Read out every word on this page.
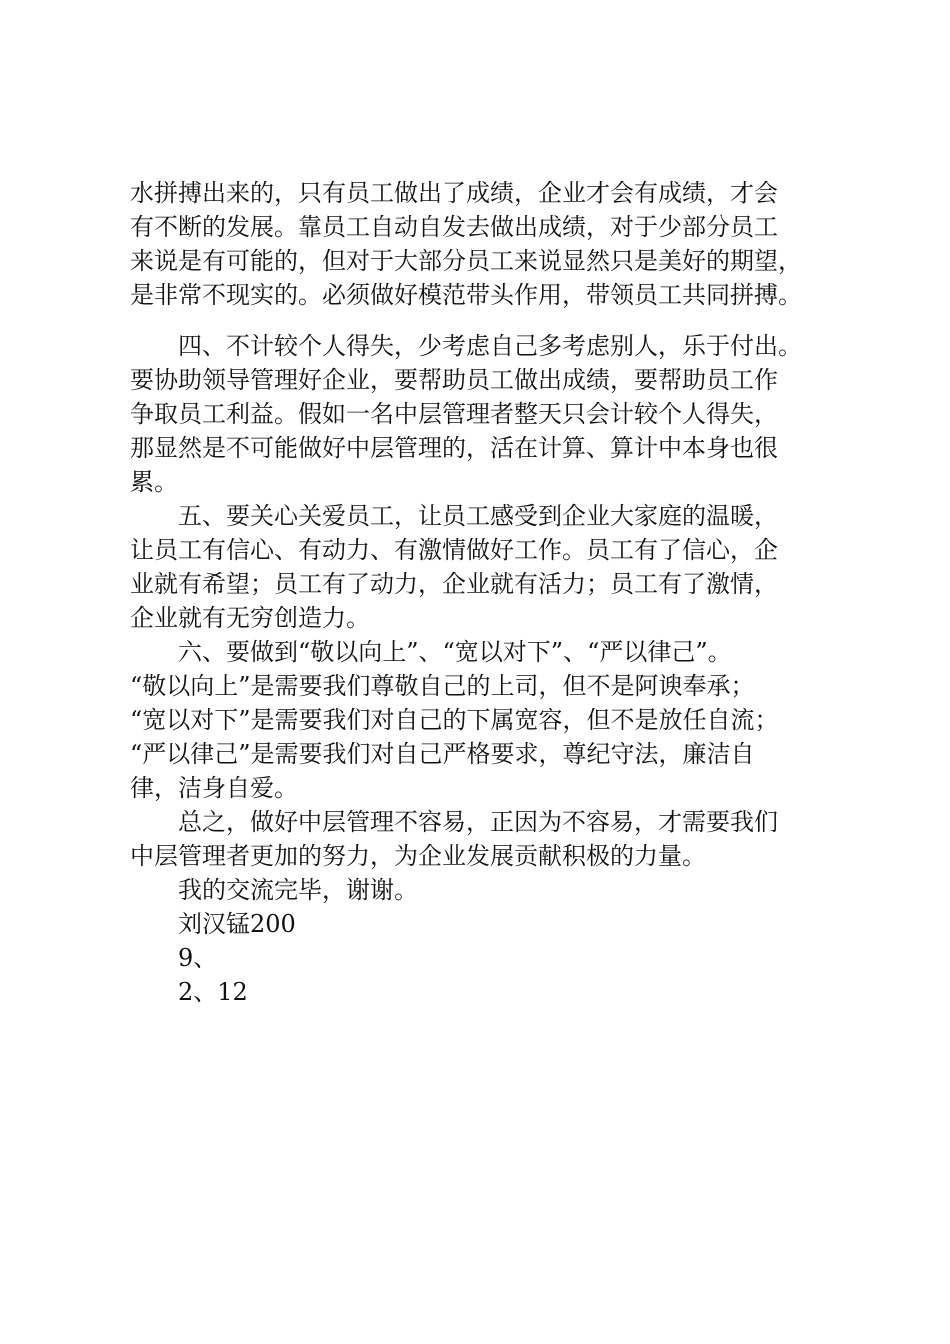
水拼搏出来的，只有员工做出了成绩，企业才会有成绩，才会
有不断的发展。靠员工自动自发去做出成绩，对于少部分员工
来说是有可能的，但对于大部分员工来说显然只是美好的期望，
是非常不现实的。必须做好模范带头作用，带领员工共同拼搏。
四、不计较个人得失，少考虑自己多考虑别人，乐于付出。
要协助领导管理好企业，要帮助员工做出成绩，要帮助员工作
争取员工利益。假如一名中层管理者整天只会计较个人得失，
那显然是不可能做好中层管理的，活在计算、算计中本身也很
累。
五、要关心关爱员工，让员工感受到企业大家庭的温暖，
让员工有信心、有动力、有激情做好工作。员工有了信心，企
业就有希望；员工有了动力，企业就有活力；员工有了激情，
企业就有无穷创造力。
六、要做到“敬以向上”、“宽以对下”、“严以律己”。
“敬以向上”是需要我们尊敬自己的上司，但不是阿谀奉承；
“宽以对下”是需要我们对自己的下属宽容，但不是放任自流；
“严以律己”是需要我们对自己严格要求，尊纪守法，廉洁自
律，洁身自爱。
总之，做好中层管理不容易，正因为不容易，才需要我们
中层管理者更加的努力，为企业发展贡献积极的力量。
我的交流完毕，谢谢。
刘汉锰200
9、
2、12
